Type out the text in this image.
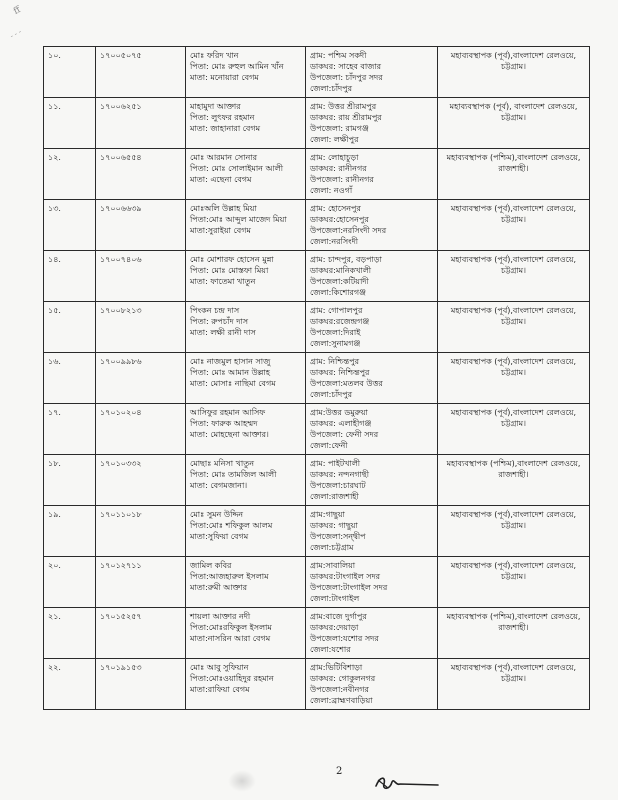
ff
- - -
১০.	১৭০০৫০৭৫	মোঃ ফরিদ খান
পিতা: মোঃ রুহুল আমিন খাঁন
মাতা: মনোয়ারা বেগম	গ্রাম: পশ্চিম সকদী
ডাকঘর: সাহেব বাজার
উপজেলা: চাঁদপুর সদর
জেলা:চাঁদপুর	মহাব্যবস্থাপক (পূর্ব),বাংলাদেশ রেলওয়ে, চট্টগ্রাম।

১১.	১৭০০৬২৫১	মাহামুদা আক্তার
পিতা: লুৎফর রহমান
মাতা: জাহানারা বেগম	গ্রাম: উত্তর শ্রীরামপুর
ডাকঘর: রায় শ্রীরামপুর
উপজেলা: রামগঞ্জ
জেলা: লক্ষীপুর	মহাব্যবস্থাপক (পূর্ব), বাংলাদেশ রেলওয়ে, চট্টগ্রাম।

১২.	১৭০০৬৫৫৪	মোঃ আরমান সোনার
পিতা: মোঃ সোলাইমান আলী
মাতা: এছেনা বেগম	গ্রাম: লোহাচুড়া
ডাকঘর: রানীনগর
উপজেলা: রানীনগর
জেলা: নওগাঁ	মহাব্যবস্থাপক (পশ্চিম),বাংলাদেশ রেলওয়ে, রাজশাহী।

১৩.	১৭০০৬৬৩৯	মোঃঅলি উল্লাহ মিয়া
পিতা:মোঃ আব্দুল মাজেদ মিয়া
মাতা:সুরাইয়া বেগম	গ্রাম: হোসেনপুর
ডাকঘর:হোসেনপুর
উপজেলা:নরসিংদী সদর
জেলা:নরসিংদী	মহাব্যবস্থাপক (পূর্ব),বাংলাদেশ রেলওয়ে, চট্টগ্রাম।

১৪.	১৭০০৭৪০৬	মোঃ মোশারফ হোসেন মুন্না
পিতা: মোঃ মোস্তফা মিয়া
মাতা: ফাতেমা খাতুন	গ্রাম: চান্দপুর, বড়পাড়া
ডাকঘর:মানিকখালী
উপজেলা:কটিয়াদী
জেলা:কিশোরগঞ্জ	মহাব্যবস্থাপক (পূর্ব),বাংলাদেশ রেলওয়ে, চট্টগ্রাম।

১৫.	১৭০০৮২১৩	পিংকন চন্দ্র দাস
পিতা: রুপচাঁদ দাস
মাতা: লক্ষী রানী দাস	গ্রাম: গোপালপুর
ডাকঘর:রজেন্দ্রগঞ্জ
উপজেলা:দিরাই
জেলা:সুনামগঞ্জ	মহাব্যবস্থাপক (পূর্ব),বাংলাদেশ রেলওয়ে, চট্টগ্রাম।

১৬.	১৭০০৯৯৮৬	মোঃ নাজমুল হাসান সাজু
পিতা: মোঃ আমান উল্লাহ
মাতা: মোসাঃ নাছিমা বেগম	গ্রাম: নিশ্চিন্তপুর
ডাকঘর: নিশ্চিন্তপুর
উপজেলা:মতলব উত্তর
জেলা:চাঁদপুর	মহাব্যবস্থাপক (পূর্ব),বাংলাদেশ রেলওয়ে, চট্টগ্রাম।

১৭.	১৭০১০২০৪	আসিফুর রহমান আসিফ
পিতা: ফারুক আহম্মদ
মাতা: মোহছেনা আক্তার।	গ্রাম:উত্তর ডমুরুয়া
ডাকঘর: এলাহীগঞ্জ
উপজেলা: ফেনী সদর
জেলা:ফেনী	মহাব্যবস্থাপক (পূর্ব),বাংলাদেশ রেলওয়ে, চট্টগ্রাম।

১৮.	১৭০১০৩৩২	মোছাঃ মনিসা খাতুন
পিতা: মোঃ তামজিল আলী
মাতা: বেগমজানা।	গ্রাম: পাইটখালী
ডাকঘর: নন্দনগাছী
উপজেলা:চারঘাট
জেলা:রাজশাহী	মহাব্যবস্থাপক (পশ্চিম),বাংলাদেশ রেলওয়ে, রাজশাহী।

১৯.	১৭০১১০১৮	মোঃ সুমন উদ্দিন
পিতা:মোঃ শফিকুল আলম
মাতা:সুফিয়া বেগম	গ্রাম:গাছুয়া
ডাকঘর: গাছুয়া
উপজেলা:সন্দ্বীপ
জেলা:চট্টগ্রাম	মহাব্যবস্থাপক (পূর্ব),বাংলাদেশ রেলওয়ে, চট্টগ্রাম।

২০.	১৭০১২৭১১	জামিল কবির
পিতা:আজহারুল ইসলাম
মাতা:রুমী আক্তার	গ্রাম:সাবালিয়া
ডাকঘর:টাংগাইল সদর
উপজেলা:টাংগাইল সদর
জেলা:টাংগাইল	মহাব্যবস্থাপক (পূর্ব),বাংলাদেশ রেলওয়ে, চট্টগ্রাম।

২১.	১৭০১৫২৫৭	শায়লা আক্তার নদী
পিতা:মোঃরফিকুল ইসলাম
মাতা:নাসরিন আরা বেগম	গ্রাম:বাজে দুর্গাপুর
ডাকঘর:দেয়াড়া
উপজেলা:যশোর সদর
জেলা:যশোর	মহাব্যবস্থাপক (পশ্চিম),বাংলাদেশ রেলওয়ে, রাজশাহী।

২২.	১৭০১৯১৫৩	মোঃ আবু সুফিয়ান
পিতা:মোঃওয়াহিদুর রহমান
মাতা:রাফিয়া বেগম	গ্রাম:ভিটিবিশাড়া
ডাকঘর: গোকুলনগর
উপজেলা:নবীনগর
জেলা:ব্রাহ্মণবাড়িয়া	মহাব্যবস্থাপক (পূর্ব),বাংলাদেশ রেলওয়ে, চট্টগ্রাম।
2
